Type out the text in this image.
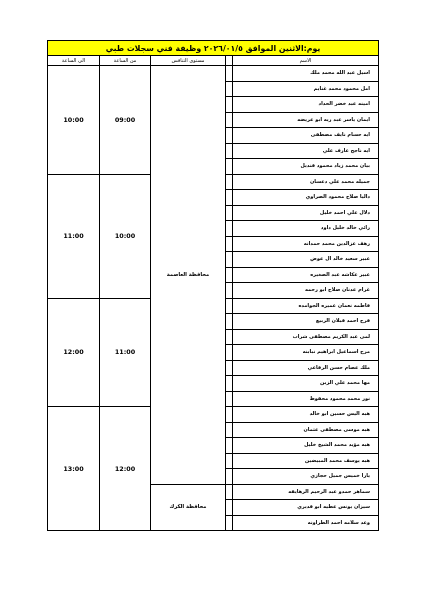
يوم:الاثنين الموافق ٢٠٢٦/٠١/٥ وظيفة فني سجلات طبي				
الاسم		مستوى التنافس	من الساعة	الى الساعة
اسيل عبد الله محمد ملك		محافظة العاصمة	09:00	10:00
امل محمود محمد غنايم				
امينه عبد خضر الحداد				
ايمان ياسر عبد ربه ابو عريضه				
ايه حسام نايف مصطفى				
ايه ناجح عارف علي				
بيان محمد زياد محمود قنديل				
جميله محمد علي دعسان			10:00	11:00
داليا صلاح محمود الصراوي				
دلال علي احمد خليل				
رائي خالد خليل داود				
رهف عزالدين محمد حمدانه				
عبير سعيد خالد ال عوض				
عبير عكاشه عبد الصغيره				
غرام عدنان صلاح ابو رحمه				
فاطمه نعمان عميره الجوامده			11:00	12:00
فرح احمد قبلان الربيع				
لمى عبد الكريم مصطفى شراب				
مرح اسماعيل ابراهيم نبابنه				
ملك عصام حسن الرفاعي				
مها محمد علي الزبن				
نور محمد محمود محفوظ				
هبه اليس حسين ابو خالد			12:00	13:00
هبه موسى مصطفى عثمان				
هبه مؤيد محمد الشيخ خليل				
هبه يوسف محمد المبيضين				
يارا خميس جميل حجازي				
سماهر حمدو عبد الرحيم الرهايفه		محافظة الكرك		
سيزان يونس عطيه ابو قديري				
وعد سلامه احمد الطراونه				
